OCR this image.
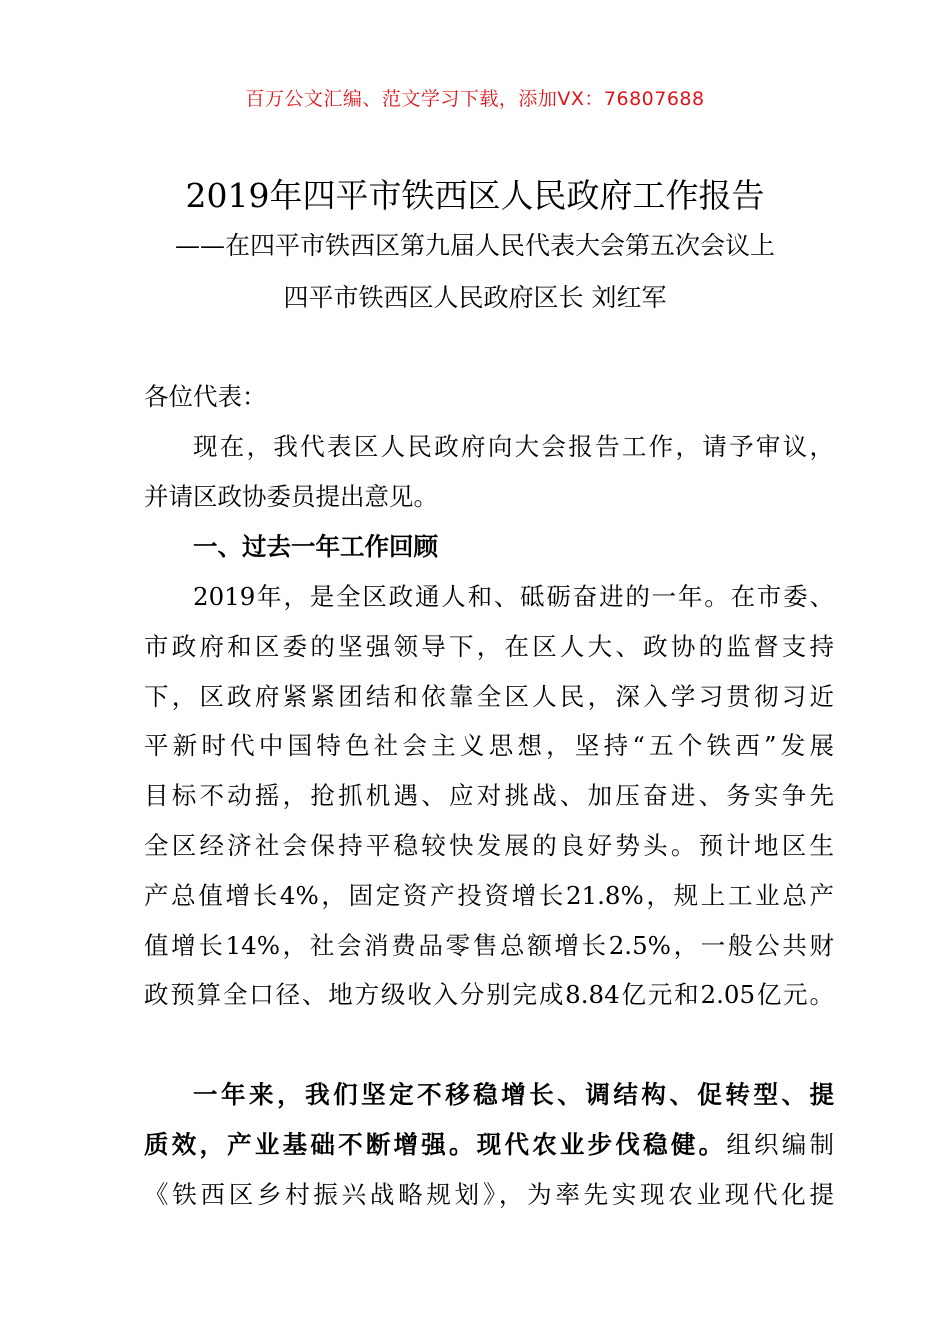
百万公文汇编、范文学习下载，添加VX：76807688
2019年四平市铁西区人民政府工作报告
——在四平市铁西区第九届人民代表大会第五次会议上
四平市铁西区人民政府区长 刘红军

各位代表：

现在，我代表区人民政府向大会报告工作，请予审议，
并请区政协委员提出意见。
一、过去一年工作回顾
2019年，是全区政通人和、砥砺奋进的一年。在市委、
市政府和区委的坚强领导下，在区人大、政协的监督支持
下，区政府紧紧团结和依靠全区人民，深入学习贯彻习近
平新时代中国特色社会主义思想，坚持“五个铁西”发展
目标不动摇，抢抓机遇、应对挑战、加压奋进、务实争先
全区经济社会保持平稳较快发展的良好势头。预计地区生
产总值增长4%，固定资产投资增长21.8%，规上工业总产
值增长14%，社会消费品零售总额增长2.5%，一般公共财
政预算全口径、地方级收入分别完成8.84亿元和2.05亿元。
一年来，我们坚定不移稳增长、调结构、促转型、提
质效，产业基础不断增强。现代农业步伐稳健。组织编制
《铁西区乡村振兴战略规划》，为率先实现农业现代化提
